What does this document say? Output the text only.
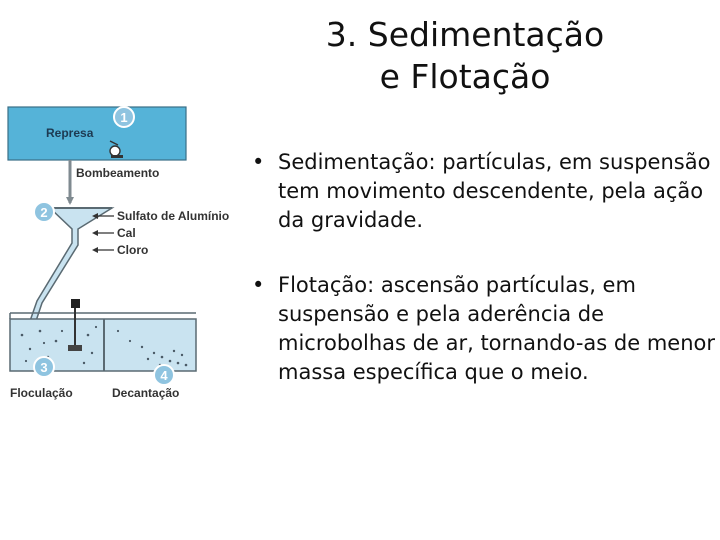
3. Sedimentação
e Flotação
• Sedimentação: partículas, em suspensão tem movimento descendente, pela ação da gravidade.
• Flotação: ascensão partículas, em suspensão e pela aderência de microbolhas de ar, tornando-as de menor massa específica que o meio.
Represa
1
Bombeamento
2	Sulfato de Alumínio
Cal
Cloro
3
4
Floculação	Decantação
